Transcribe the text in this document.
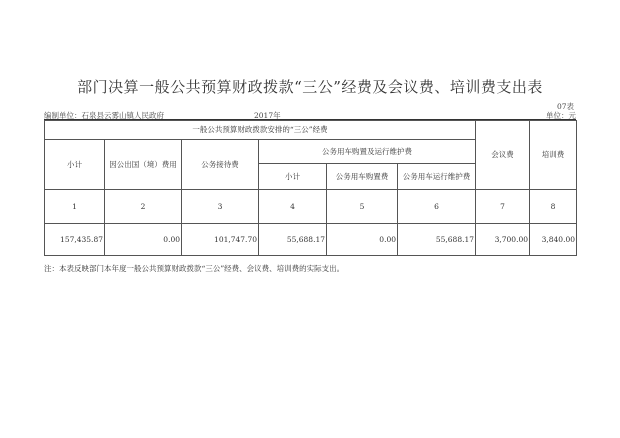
部门决算一般公共预算财政拨款“三公”经费及会议费、培训费支出表
07表
编制单位：石泉县云雾山镇人民政府	2017年	单位：元
一般公共预算财政拨款安排的“三公”经费						会议费	培训费
小计	因公出国（境）费用	公务接待费	公务用车购置及运行维护费				
			小计	公务用车购置费	公务用车运行维护费		
1	2	3	4	5	6	7	8
157,435.87	0.00	101,747.70	55,688.17	0.00	55,688.17	3,700.00	3,840.00
注：本表反映部门本年度一般公共预算财政拨款“三公”经费、会议费、培训费的实际支出。
